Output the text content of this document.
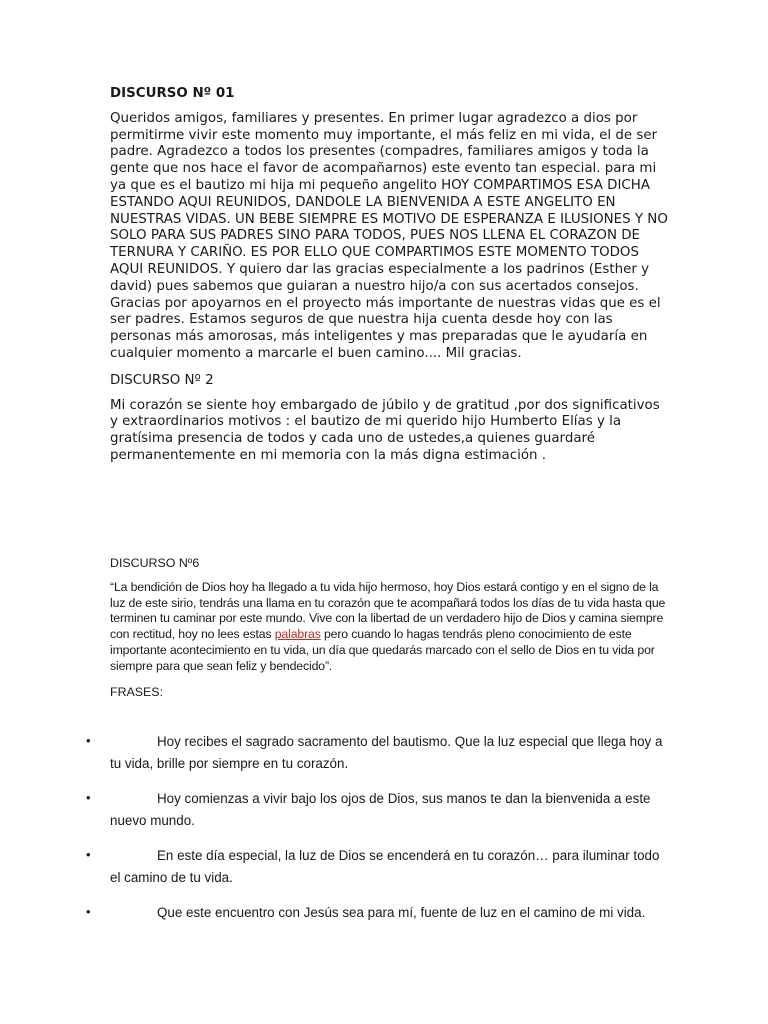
DISCURSO Nº 01

Queridos amigos, familiares y presentes. En primer lugar agradezco a dios por permitirme vivir este momento muy importante, el más feliz en mi vida, el de ser padre. Agradezco a todos los presentes (compadres, familiares amigos y toda la gente que nos hace el favor de acompañarnos) este evento tan especial. para mi ya que es el bautizo mi hija mi pequeño angelito HOY COMPARTIMOS ESA DICHA ESTANDO AQUI REUNIDOS, DANDOLE LA BIENVENIDA A ESTE ANGELITO EN NUESTRAS VIDAS. UN BEBE SIEMPRE ES MOTIVO DE ESPERANZA E ILUSIONES Y NO SOLO PARA SUS PADRES SINO PARA TODOS, PUES NOS LLENA EL CORAZON DE TERNURA Y CARIÑO. ES POR ELLO QUE COMPARTIMOS ESTE MOMENTO TODOS AQUI REUNIDOS. Y quiero dar las gracias especialmente a los padrinos (Esther y david) pues sabemos que guiaran a nuestro hijo/a con sus acertados consejos. Gracias por apoyarnos en el proyecto más importante de nuestras vidas que es el ser padres. Estamos seguros de que nuestra hija cuenta desde hoy con las personas más amorosas, más inteligentes y mas preparadas que le ayudaría en cualquier momento a marcarle el buen camino.... Mil gracias.

DISCURSO Nº 2

Mi corazón se siente hoy embargado de júbilo y de gratitud ,por dos significativos y extraordinarios motivos : el bautizo de mi querido hijo Humberto Elías y la gratísima presencia de todos y cada uno de ustedes,a quienes guardaré permanentemente en mi memoria con la más digna estimación .

DISCURSO Nº6

“La bendición de Dios hoy ha llegado a tu vida hijo hermoso, hoy Dios estará contigo y en el signo de la luz de este sirio, tendrás una llama en tu corazón que te acompañará todos los días de tu vida hasta que terminen tu caminar por este mundo. Vive con la libertad de un verdadero hijo de Dios y camina siempre con rectitud, hoy no lees estas palabras pero cuando lo hagas tendrás pleno conocimiento de este importante acontecimiento en tu vida, un día que quedarás marcado con el sello de Dios en tu vida por siempre para que sean feliz y bendecido”.

FRASES:

•	Hoy recibes el sagrado sacramento del bautismo. Que la luz especial que llega hoy a tu vida, brille por siempre en tu corazón.
•	Hoy comienzas a vivir bajo los ojos de Dios, sus manos te dan la bienvenida a este nuevo mundo.
•	En este día especial, la luz de Dios se encenderá en tu corazón… para iluminar todo el camino de tu vida.
•	Que este encuentro con Jesús sea para mí, fuente de luz en el camino de mi vida.
